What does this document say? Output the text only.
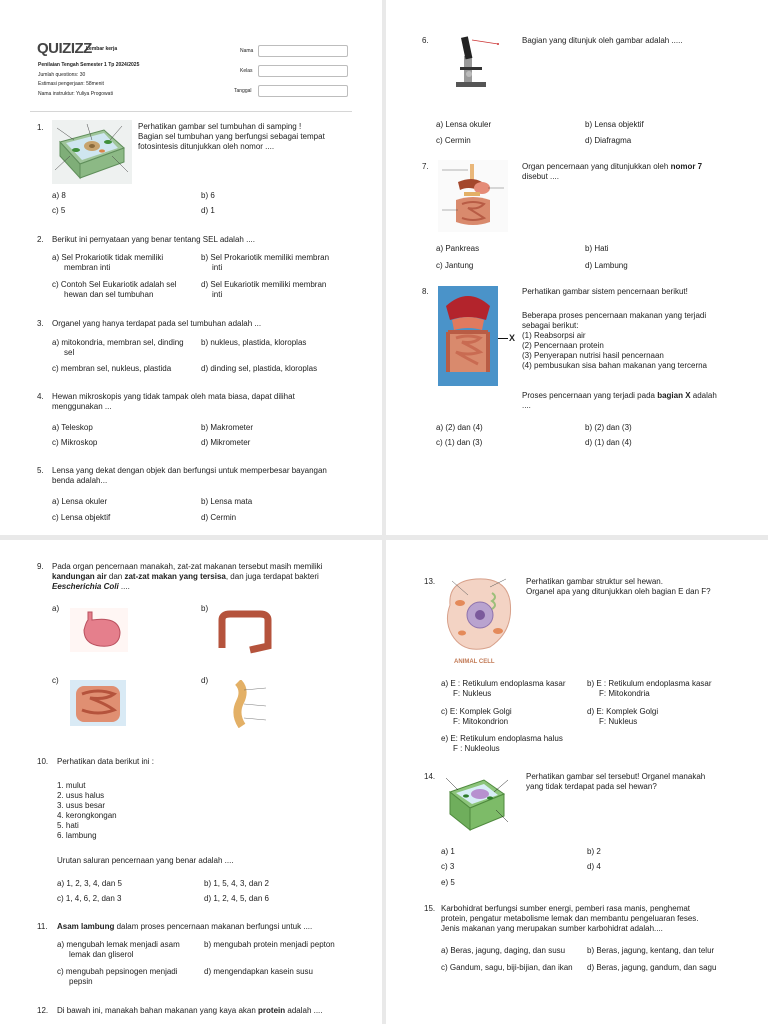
QUIZIZZ
Lembar kerja
Penilaian Tengah Semester 1 Tp 2024/2025
Jumlah questions: 30
Estimasi pengerjaan: 58menit
Nama instruktur: Yuliya Progowati
Nama
Kelas
Tanggal
1.	Perhatikan gambar sel tumbuhan di samping !
Bagian sel tumbuhan yang berfungsi sebagai tempat
fotosintesis ditunjukkan oleh nomor ....
a) 8	b) 6
c) 5	d) 1
2. Berikut ini pernyataan yang benar tentang SEL adalah ....
a) Sel Prokariotik tidak memiliki
membran inti
b) Sel Prokariotik memiliki membran
inti
c) Contoh Sel Eukariotik adalah sel
hewan dan sel tumbuhan
d) Sel Eukariotik memiliki membran
inti
3. Organel yang hanya terdapat pada sel tumbuhan adalah ...
a) mitokondria, membran sel, dinding
sel
b) nukleus, plastida, kloroplas
c) membran sel, nukleus, plastida	d) dinding sel, plastida, kloroplas
4. Hewan mikroskopis yang tidak tampak oleh mata biasa, dapat dilihat
menggunakan ...
a) Teleskop	b) Makrometer
c) Mikroskop	d) Mikrometer
5. Lensa yang dekat dengan objek dan berfungsi untuk memperbesar bayangan
benda adalah...
a) Lensa okuler	b) Lensa mata
c) Lensa objektif	d) Cermin
6.	Bagian yang ditunjuk oleh gambar adalah .....
a) Lensa okuler	b) Lensa objektif
c) Cermin	d) Diafragma
7.	Organ pencernaan yang ditunjukkan oleh nomor 7
disebut ....
a) Pankreas	b) Hati
c) Jantung	d) Lambung
8.
X
Perhatikan gambar sistem pencernaan berikut!
Beberapa proses pencernaan makanan yang terjadi
sebagai berikut:
(1) Reabsorpsi air
(2) Pencernaan protein
(3) Penyerapan nutrisi hasil pencernaan
(4) pembusukan sisa bahan makanan yang tercerna
Proses pencernaan yang terjadi pada bagian X adalah
....
a) (2) dan (4)	b) (2) dan (3)
c) (1) dan (3)	d) (1) dan (4)
9. Pada organ pencernaan manakah, zat-zat makanan tersebut masih memiliki
kandungan air dan zat-zat makan yang tersisa, dan juga terdapat bakteri
Eescherichia Coli ....
a)	b)
c)	d)
10. Perhatikan data berikut ini :
1. mulut
2. usus halus
3. usus besar
4. kerongkongan
5. hati
6. lambung
Urutan saluran pencernaan yang benar adalah ....
a) 1, 2, 3, 4, dan 5	b) 1, 5, 4, 3, dan 2
c) 1, 4, 6, 2, dan 3	d) 1, 2, 4, 5, dan 6
11. Asam lambung dalam proses pencernaan makanan berfungsi untuk ....
a) mengubah lemak menjadi asam
lemak dan gliserol
b) mengubah protein menjadi pepton
c) mengubah pepsinogen menjadi
pepsin
d) mengendapkan kasein susu
12. Di bawah ini, manakah bahan makanan yang kaya akan protein adalah ....
13.
ANIMAL CELL
Perhatikan gambar struktur sel hewan.
Organel apa yang ditunjukkan oleh bagian E dan F?
a) E : Retikulum endoplasma kasar
F: Nukleus
b) E : Retikulum endoplasma kasar
F: Mitokondria
c) E: Komplek Golgi
F: Mitokondrion
d) E: Komplek Golgi
F: Nukleus
e) E: Retikulum endoplasma halus
F : Nukleolus
14.	Perhatikan gambar sel tersebut! Organel manakah
yang tidak terdapat pada sel hewan?
a) 1	b) 2
c) 3	d) 4
e) 5
15. Karbohidrat berfungsi sumber energi, pemberi rasa manis, penghemat
protein, pengatur metabolisme lemak dan membantu pengeluaran feses.
Jenis makanan yang merupakan sumber karbohidrat adalah....
a) Beras, jagung, daging, dan susu	b) Beras, jagung, kentang, dan telur
c) Gandum, sagu, biji-bijian, dan ikan d) Beras, jagung, gandum, dan sagu
